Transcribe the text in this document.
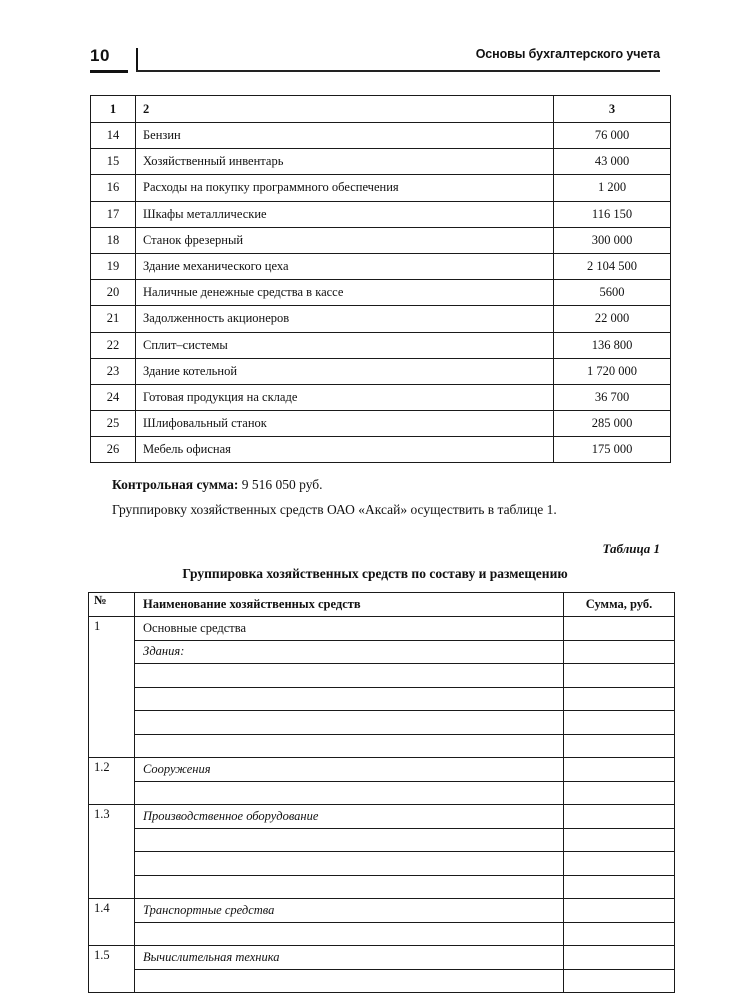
10	Основы бухгалтерского учета
1	2	3
14	Бензин	76 000
15	Хозяйственный инвентарь	43 000
16	Расходы на покупку программного обеспечения	1 200
17	Шкафы металлические	116 150
18	Станок фрезерный	300 000
19	Здание механического цеха	2 104 500
20	Наличные денежные средства в кассе	5600
21	Задолженность акционеров	22 000
22	Сплит–системы	136 800
23	Здание котельной	1 720 000
24	Готовая продукция на складе	36 700
25	Шлифовальный станок	285 000
26	Мебель офисная	175 000
Контрольная сумма: 9 516 050 руб.
Группировку хозяйственных средств ОАО «Аксай» осуществить в таблице 1.
Таблица 1
Группировка хозяйственных средств по составу и размещению
№	Наименование хозяйственных средств	Сумма, руб.
1	Основные средства	
	Здания:	

1.2	Сооружения	

1.3	Производственное оборудование	

1.4	Транспортные средства	

1.5	Вычислительная техника	
